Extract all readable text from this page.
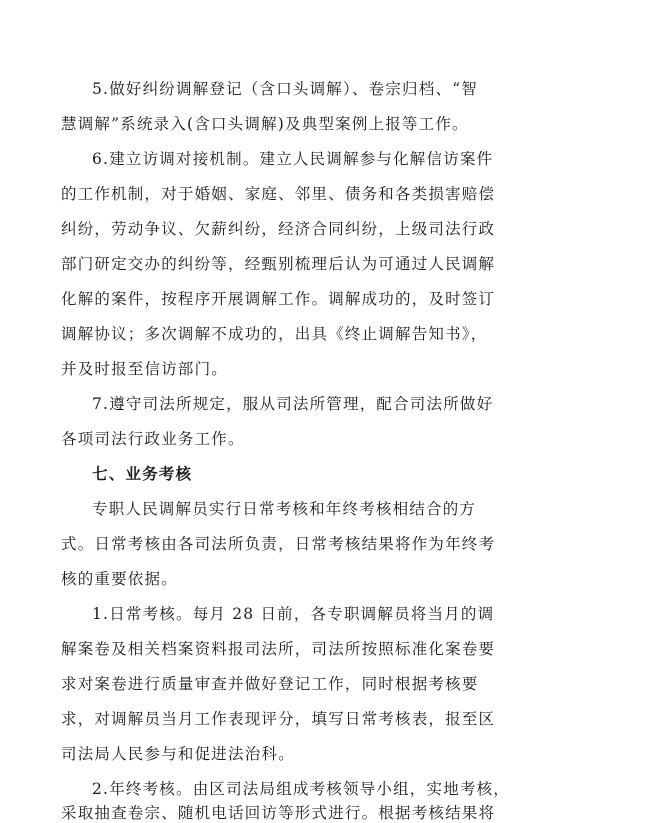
5.做好纠纷调解登记（含口头调解）、卷宗归档、“智
慧调解”系统录入(含口头调解)及典型案例上报等工作。
6.建立访调对接机制。建立人民调解参与化解信访案件
的工作机制，对于婚姻、家庭、邻里、债务和各类损害赔偿
纠纷，劳动争议、欠薪纠纷，经济合同纠纷，上级司法行政
部门研定交办的纠纷等，经甄别梳理后认为可通过人民调解
化解的案件，按程序开展调解工作。调解成功的，及时签订
调解协议；多次调解不成功的，出具《终止调解告知书》，
并及时报至信访部门。
7.遵守司法所规定，服从司法所管理，配合司法所做好
各项司法行政业务工作。
七、业务考核
专职人民调解员实行日常考核和年终考核相结合的方
式。日常考核由各司法所负责，日常考核结果将作为年终考
核的重要依据。
1.日常考核。每月 28 日前，各专职调解员将当月的调
解案卷及相关档案资料报司法所，司法所按照标准化案卷要
求对案卷进行质量审查并做好登记工作，同时根据考核要
求，对调解员当月工作表现评分，填写日常考核表，报至区
司法局人民参与和促进法治科。
2.年终考核。由区司法局组成考核领导小组，实地考核，
采取抽查卷宗、随机电话回访等形式进行。根据考核结果将
